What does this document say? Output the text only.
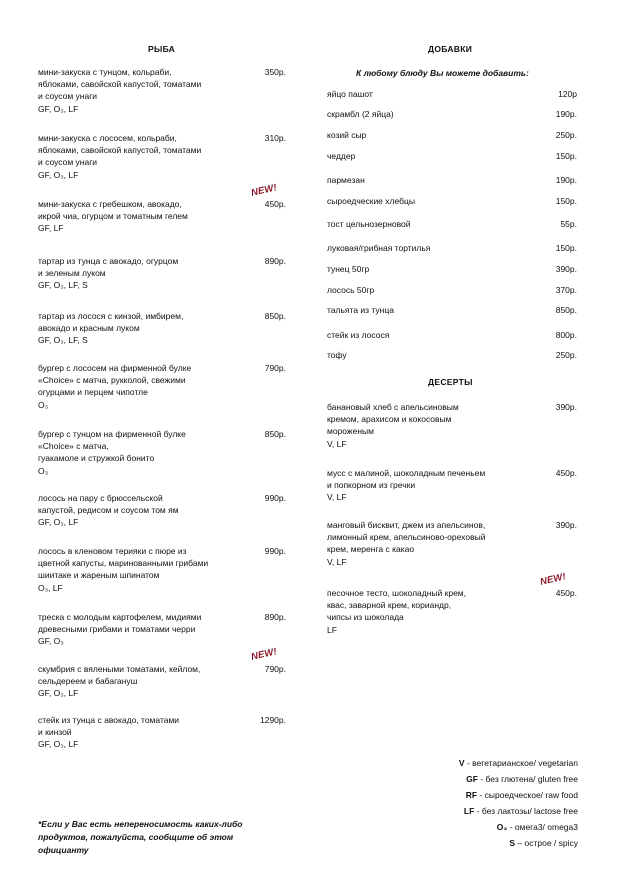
РЫБА
мини-закуска с тунцом, кольраби,
яблоками, савойской капустой, томатами
и соусом унаги
GF, O₃, LF
350р.
мини-закуска с лососем, кольраби,
яблоками, савойской капустой, томатами
и соусом унаги
GF, O₃, LF
310р.
мини-закуска с гребешком, авокадо,
икрой чиа, огурцом и томатным гелем
GF, LF
450р.
NEW!
тартар из тунца с авокадо, огурцом
и зеленым луком
GF, O₃, LF, S
890р.
тартар из лосося с кинзой, имбирем,
авокадо и красным луком
GF, O₃, LF, S
850р.
бургер с лососем на фирменной булке
«Choice» с матча, рукколой, свежими
огурцами и перцем чипотле
O₃
790р.
бургер с тунцом на фирменной булке
«Choice» с матча,
гуакамоле и стружкой бонито
O₃
850р.
лосось на пару с брюссельской
капустой, редисом и соусом том ям
GF, O₃, LF
990р.
лосось в кленовом терияки с пюре из
цветной капусты, маринованными грибами
шиитаке и жареным шпинатом
O₃, LF
990р.
треска с молодым картофелем, мидиями
древесными грибами и томатами черри
GF, O₃
890р.
скумбрия с вялеными томатами, кейлом,
сельдереем и бабагануш
GF, O₃, LF
790р.
NEW!
стейк из тунца с авокадо, томатами
и кинзой
GF, O₃, LF
1290р.
ДОБАВКИ
К любому блюду Вы можете добавить:
яйцо пашот	120р
скрамбл (2 яйца)	190р.
козий сыр	250р.
чеддер	150р.
пармезан	190р.
сыроедческие хлебцы	150р.
тост цельнозерновой	55р.
луковая/грибная тортилья	150р.
тунец 50гр	390р.
лосось 50гр	370р.
тальята из тунца	850р.
стейк из лосося	800р.
тофу	250р.
ДЕСЕРТЫ
банановый хлеб с апельсиновым
кремом, арахисом и кокосовым
мороженым
V, LF
390р.
мусс с малиной, шоколадным печеньем
и попкорном из гречки
V, LF
450р.
манговый бисквит, джем из апельсинов,
лимонный крем, апельсиново-ореховый
крем, меренга с какао
V, LF
390р.
NEW!
песочное тесто, шоколадный крем,
квас, заварной крем, кориандр,
чипсы из шоколада
LF
450р.
V - вегетарианское/ vegetarian
GF - без глютена/ gluten free
RF - сыроедческое/ raw food
LF - без лактозы/ lactose free
O₃ - омега3/ omega3
S – острое / spicy
*Если у Вас есть непереносимость каких-либо
продуктов, пожалуйста, сообщите об этом
официанту
